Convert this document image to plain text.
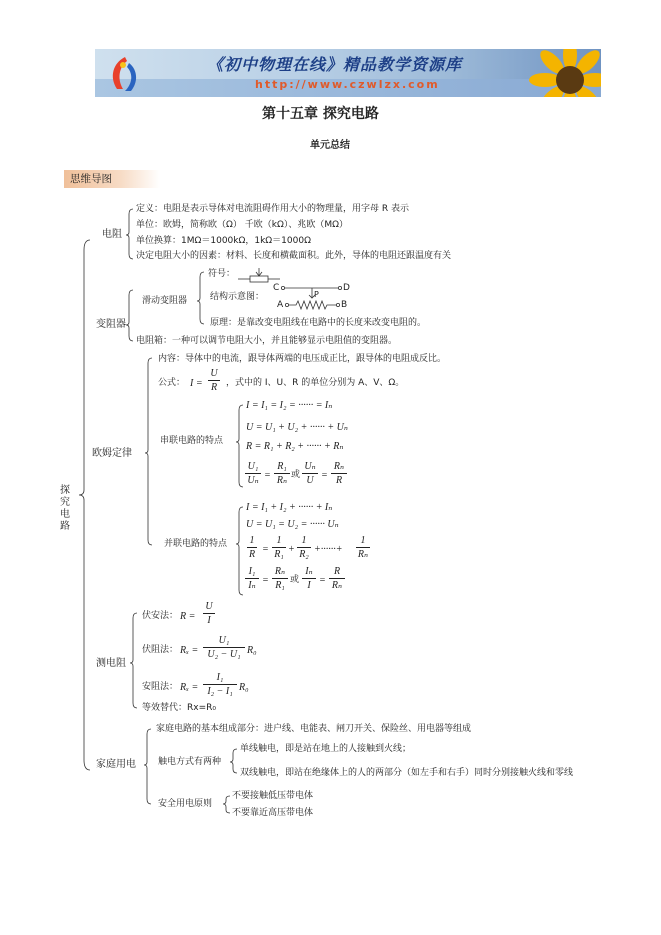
《初中物理在线》精品教学资源库
http://www.czwlzx.com
第十五章 探究电路
单元总结
思维导图
探究电路
电阻
定义：电阻是表示导体对电流阻碍作用大小的物理量，用字母 R 表示
单位：欧姆，简称欧（Ω） 千欧（kΩ）、兆欧（MΩ）
单位换算：1MΩ＝1000kΩ，1kΩ＝1000Ω
决定电阻大小的因素：材料、长度和横截面积。此外，导体的电阻还跟温度有关
变阻器
滑动变阻器
符号：
结构示意图：
C	D
A	B
P
原理：是靠改变电阻线在电路中的长度来改变电阻的。
电阻箱：一种可以调节电阻大小，并且能够显示电阻值的变阻器。
欧姆定律
内容：导体中的电流，跟导体两端的电压成正比，跟导体的电阻成反比。
公式： I =
U
R ，式中的 I、U、R 的单位分别为 A、V、Ω。
串联电路的特点
I = I₁ = I₂ = ······ = Iₙ
U = U₁ + U₂ + ······ + Uₙ
R = R₁ + R₂ + ······ + Rₙ
U₁
Uₙ =
R₁
Rₙ 或
Uₙ
U =
Rₙ
R
并联电路的特点
I = I₁ + I₂ + ······ + Iₙ
U = U₁ = U₂ = ······ Uₙ
1
R =
1
R₁ +
1
R₂ +······+
1
Rₙ
I₁
Iₙ =
Rₙ
R₁ 或
Iₙ
I =
R
Rₙ
测电阻
伏安法： R =
U
I
伏阻法： Rₓ =
U₁
U₂ − U₁ R₀
安阻法： Rₓ =
I₁
I₂ − I₁ R₀
等效替代：Rx=R₀
家庭用电
家庭电路的基本组成部分：进户线、电能表、闸刀开关、保险丝、用电器等组成
触电方式有两种
单线触电，即是站在地上的人接触到火线；
双线触电，即站在绝缘体上的人的两部分（如左手和右手）同时分别接触火线和零线
安全用电原则
不要接触低压带电体
不要靠近高压带电体
